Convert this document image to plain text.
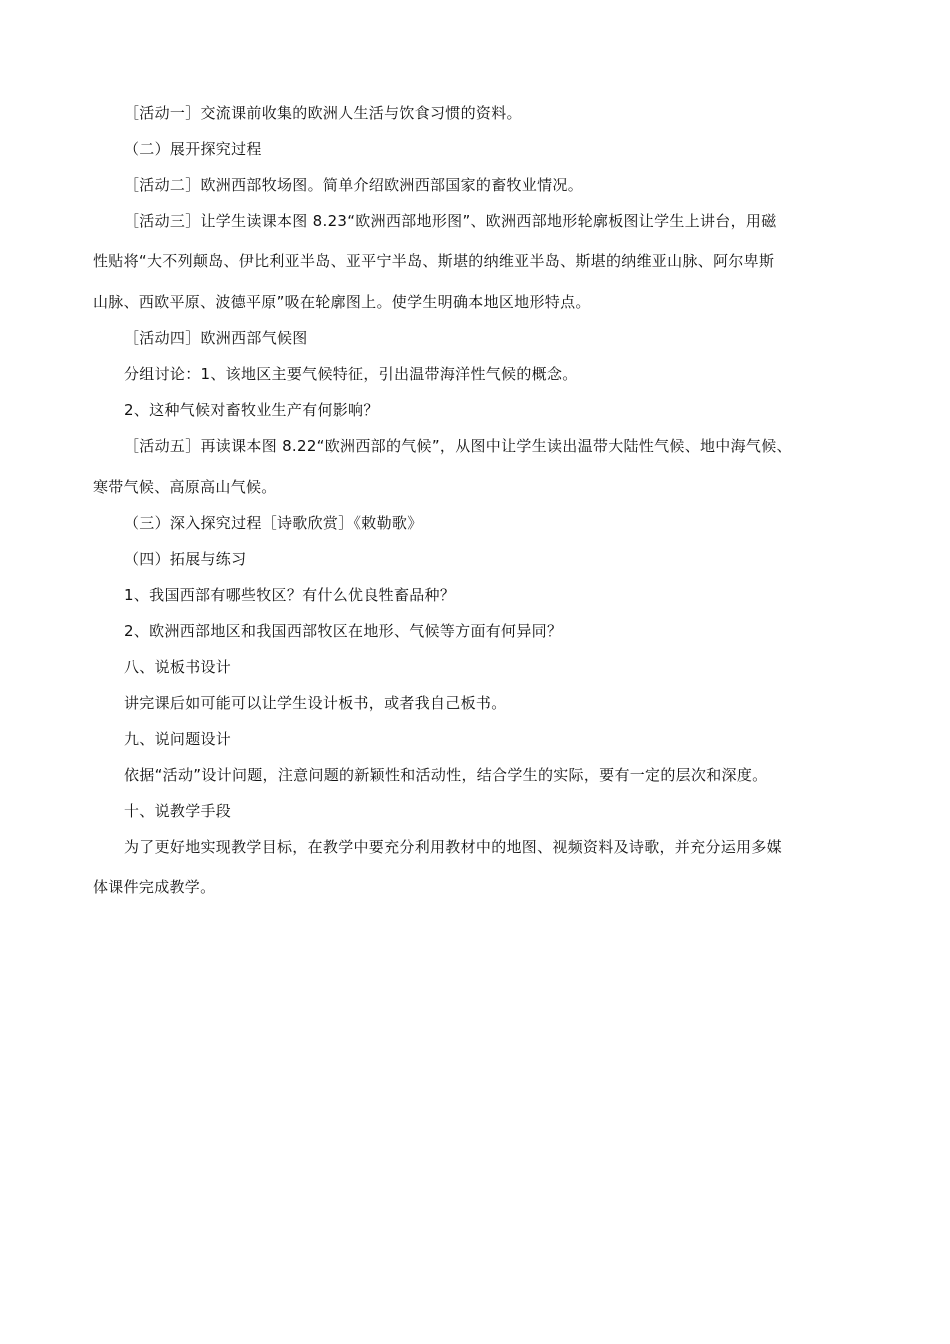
［活动一］交流课前收集的欧洲人生活与饮食习惯的资料。
（二）展开探究过程
［活动二］欧洲西部牧场图。简单介绍欧洲西部国家的畜牧业情况。
［活动三］让学生读课本图 8.23“欧洲西部地形图”、欧洲西部地形轮廓板图让学生上讲台，用磁
性贴将“大不列颠岛、伊比利亚半岛、亚平宁半岛、斯堪的纳维亚半岛、斯堪的纳维亚山脉、阿尔卑斯
山脉、西欧平原、波德平原”吸在轮廓图上。使学生明确本地区地形特点。
［活动四］欧洲西部气候图
分组讨论：1、该地区主要气候特征，引出温带海洋性气候的概念。
2、这种气候对畜牧业生产有何影响？
［活动五］再读课本图 8.22“欧洲西部的气候”，从图中让学生读出温带大陆性气候、地中海气候、
寒带气候、高原高山气候。
（三）深入探究过程［诗歌欣赏］《敕勒歌》
（四）拓展与练习
1、我国西部有哪些牧区？有什么优良牲畜品种？
2、欧洲西部地区和我国西部牧区在地形、气候等方面有何异同？
八、说板书设计
讲完课后如可能可以让学生设计板书，或者我自己板书。
九、说问题设计
依据“活动”设计问题，注意问题的新颖性和活动性，结合学生的实际，要有一定的层次和深度。
十、说教学手段
为了更好地实现教学目标，在教学中要充分利用教材中的地图、视频资料及诗歌，并充分运用多媒
体课件完成教学。
